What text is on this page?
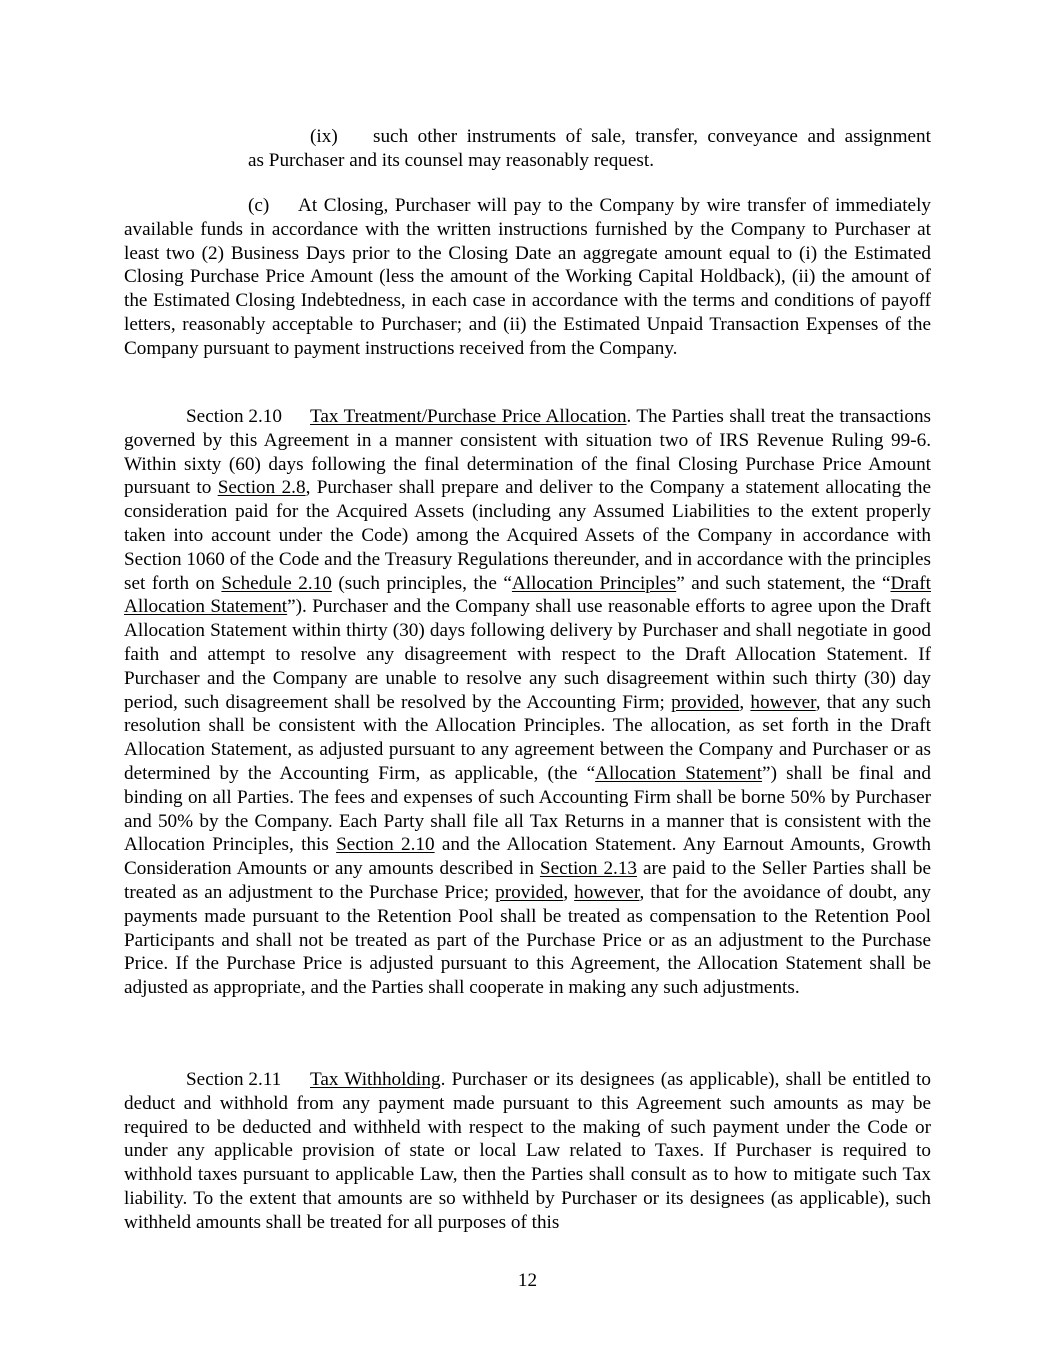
(ix) such other instruments of sale, transfer, conveyance and assignment

as Purchaser and its counsel may reasonably request.

(c) At Closing, Purchaser will pay to the Company by wire transfer of immediately available funds in accordance with the written instructions furnished by the Company to Purchaser at least two (2) Business Days prior to the Closing Date an aggregate amount equal to (i) the Estimated Closing Purchase Price Amount (less the amount of the Working Capital Holdback), (ii) the amount of the Estimated Closing Indebtedness, in each case in accordance with the terms and conditions of payoff letters, reasonably acceptable to Purchaser; and (ii) the Estimated Unpaid Transaction Expenses of the Company pursuant to payment instructions received from the Company.

Section 2.10 Tax Treatment/Purchase Price Allocation. The Parties shall treat the transactions governed by this Agreement in a manner consistent with situation two of IRS Revenue Ruling 99-6. Within sixty (60) days following the final determination of the final Closing Purchase Price Amount pursuant to Section 2.8, Purchaser shall prepare and deliver to the Company a statement allocating the consideration paid for the Acquired Assets (including any Assumed Liabilities to the extent properly taken into account under the Code) among the Acquired Assets of the Company in accordance with Section 1060 of the Code and the Treasury Regulations thereunder, and in accordance with the principles set forth on Schedule 2.10 (such principles, the “Allocation Principles” and such statement, the “Draft Allocation Statement”). Purchaser and the Company shall use reasonable efforts to agree upon the Draft Allocation Statement within thirty (30) days following delivery by Purchaser and shall negotiate in good faith and attempt to resolve any disagreement with respect to the Draft Allocation Statement. If Purchaser and the Company are unable to resolve any such disagreement within such thirty (30) day period, such disagreement shall be resolved by the Accounting Firm; provided, however, that any such resolution shall be consistent with the Allocation Principles. The allocation, as set forth in the Draft Allocation Statement, as adjusted pursuant to any agreement between the Company and Purchaser or as determined by the Accounting Firm, as applicable, (the “Allocation Statement”) shall be final and binding on all Parties. The fees and expenses of such Accounting Firm shall be borne 50% by Purchaser and 50% by the Company. Each Party shall file all Tax Returns in a manner that is consistent with the Allocation Principles, this Section 2.10 and the Allocation Statement. Any Earnout Amounts, Growth Consideration Amounts or any amounts described in Section 2.13 are paid to the Seller Parties shall be treated as an adjustment to the Purchase Price; provided, however, that for the avoidance of doubt, any payments made pursuant to the Retention Pool shall be treated as compensation to the Retention Pool Participants and shall not be treated as part of the Purchase Price or as an adjustment to the Purchase Price. If the Purchase Price is adjusted pursuant to this Agreement, the Allocation Statement shall be adjusted as appropriate, and the Parties shall cooperate in making any such adjustments.

Section 2.11 Tax Withholding. Purchaser or its designees (as applicable), shall be entitled to deduct and withhold from any payment made pursuant to this Agreement such amounts as may be required to be deducted and withheld with respect to the making of such payment under the Code or under any applicable provision of state or local Law related to Taxes. If Purchaser is required to withhold taxes pursuant to applicable Law, then the Parties shall consult as to how to mitigate such Tax liability. To the extent that amounts are so withheld by Purchaser or its designees (as applicable), such withheld amounts shall be treated for all purposes of this

12
